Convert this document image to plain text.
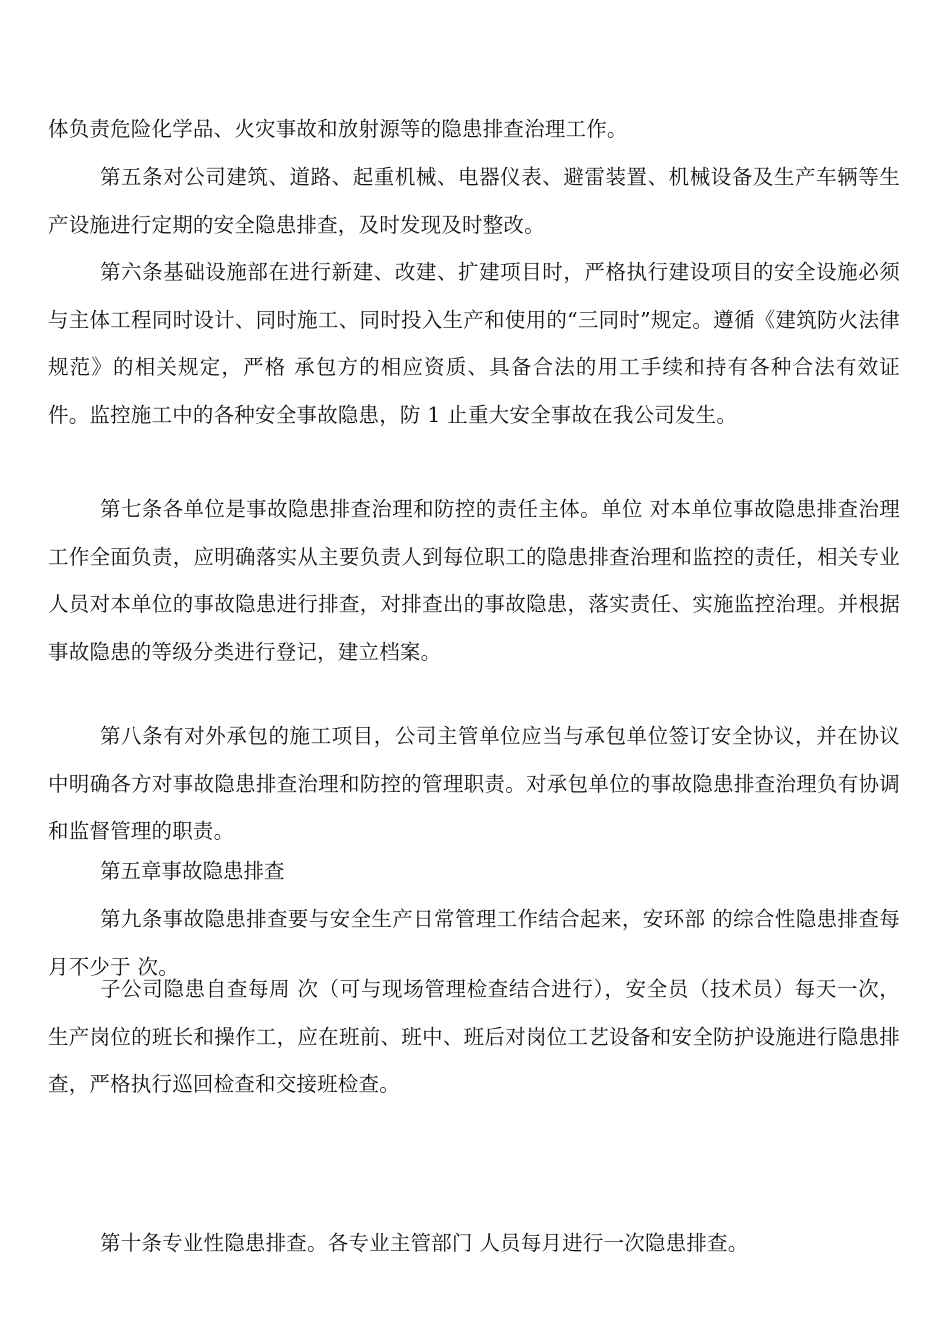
体负责危险化学品、火灾事故和放射源等的隐患排查治理工作。

第五条对公司建筑、道路、起重机械、电器仪表、避雷装置、机械设备及生产车辆等生产设施进行定期的安全隐患排查，及时发现及时整改。

第六条基础设施部在进行新建、改建、扩建项目时，严格执行建设项目的安全设施必须与主体工程同时设计、同时施工、同时投入生产和使用的“三同时”规定。遵循《建筑防火法律规范》的相关规定，严格 承包方的相应资质、具备合法的用工手续和持有各种合法有效证件。监控施工中的各种安全事故隐患，防 1 止重大安全事故在我公司发生。

第七条各单位是事故隐患排查治理和防控的责任主体。单位 对本单位事故隐患排查治理工作全面负责，应明确落实从主要负责人到每位职工的隐患排查治理和监控的责任，相关专业人员对本单位的事故隐患进行排查，对排查出的事故隐患，落实责任、实施监控治理。并根据事故隐患的等级分类进行登记，建立档案。

第八条有对外承包的施工项目，公司主管单位应当与承包单位签订安全协议，并在协议中明确各方对事故隐患排查治理和防控的管理职责。对承包单位的事故隐患排查治理负有协调和监督管理的职责。

第五章事故隐患排查

第九条事故隐患排查要与安全生产日常管理工作结合起来，安环部 的综合性隐患排查每月不少于 次。

子公司隐患自查每周 次（可与现场管理检查结合进行），安全员（技术员）每天一次，生产岗位的班长和操作工，应在班前、班中、班后对岗位工艺设备和安全防护设施进行隐患排查，严格执行巡回检查和交接班检查。

第十条专业性隐患排查。各专业主管部门 人员每月进行一次隐患排查。
